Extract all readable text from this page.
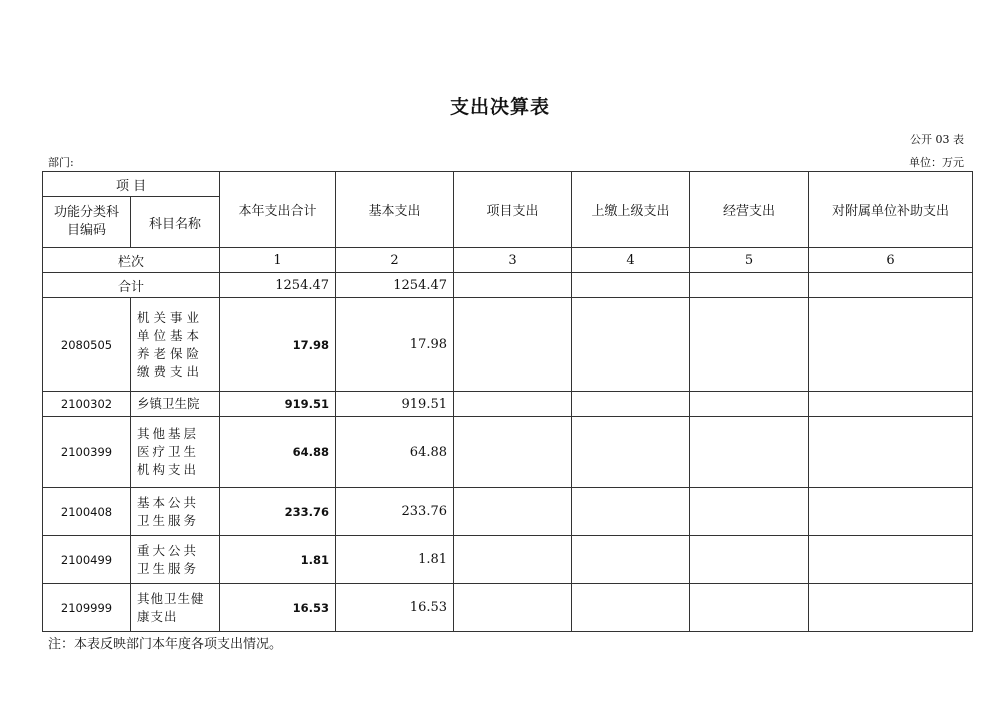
支出决算表
公开 03 表
部门:	单位：万元
项 目		本年支出合计	基本支出	项目支出	上缴上级支出	经营支出	对附属单位补助支出
功能分类科目编码	科目名称						
栏次		1	2	3	4	5	6
合计		1254.47	1254.47				
2080505	机关事业单位基本养老保险缴费支出	17.98	17.98				
2100302	乡镇卫生院	919.51	919.51				
2100399	其他基层医疗卫生机构支出	64.88	64.88				
2100408	基本公共卫生服务	233.76	233.76				
2100499	重大公共卫生服务	1.81	1.81				
2109999	其他卫生健康支出	16.53	16.53				
注：本表反映部门本年度各项支出情况。
